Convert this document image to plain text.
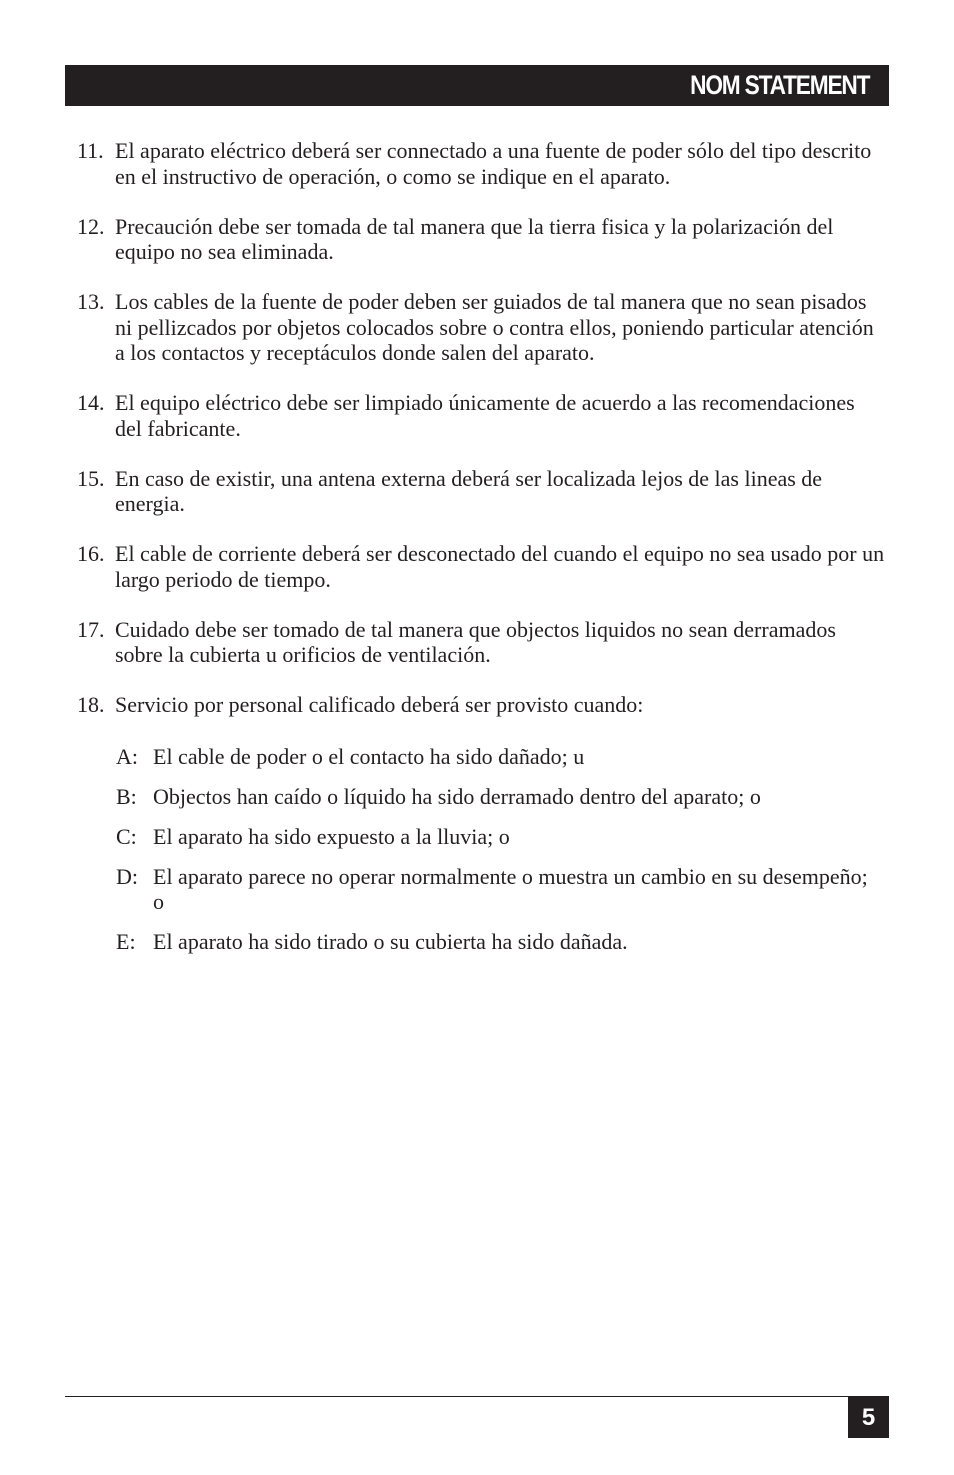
NOM STATEMENT
11. El aparato eléctrico deberá ser connectado a una fuente de poder sólo del tipo descrito en el instructivo de operación, o como se indique en el aparato.
12. Precaución debe ser tomada de tal manera que la tierra fisica y la polarización del equipo no sea eliminada.
13. Los cables de la fuente de poder deben ser guiados de tal manera que no sean pisados ni pellizcados por objetos colocados sobre o contra ellos, poniendo particular atención a los contactos y receptáculos donde salen del aparato.
14. El equipo eléctrico debe ser limpiado únicamente de acuerdo a las recomendaciones del fabricante.
15. En caso de existir, una antena externa deberá ser localizada lejos de las lineas de energia.
16. El cable de corriente deberá ser desconectado del cuando el equipo no sea usado por un largo periodo de tiempo.
17. Cuidado debe ser tomado de tal manera que objectos liquidos no sean derramados sobre la cubierta u orificios de ventilación.
18. Servicio por personal calificado deberá ser provisto cuando:
A: El cable de poder o el contacto ha sido dañado; u
B: Objectos han caído o líquido ha sido derramado dentro del aparato; o
C: El aparato ha sido expuesto a la lluvia; o
D: El aparato parece no operar normalmente o muestra un cambio en su desempeño; o
E: El aparato ha sido tirado o su cubierta ha sido dañada.
5
